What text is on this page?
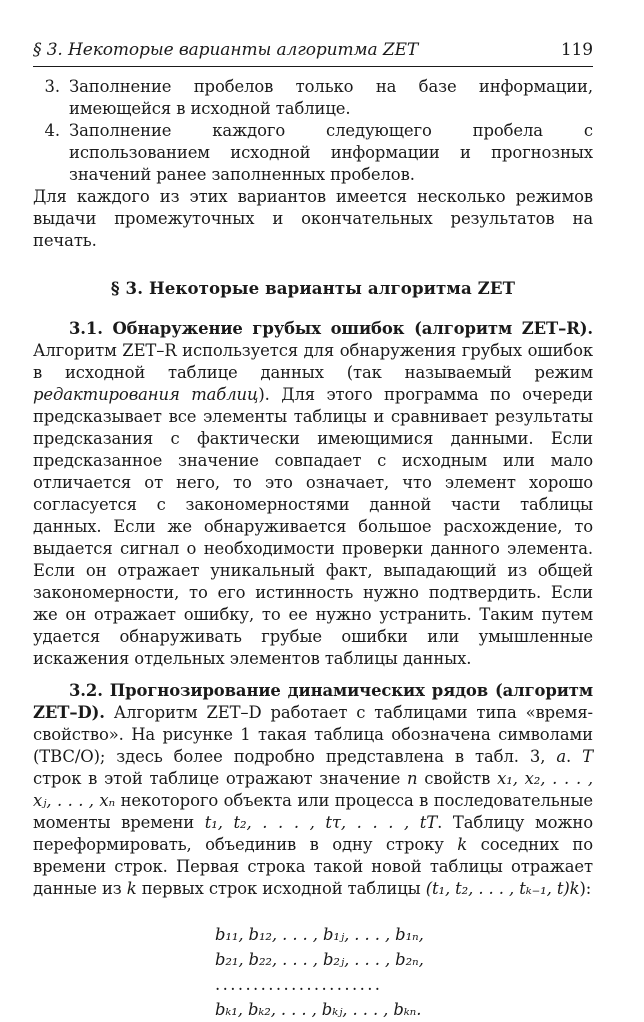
§ 3. Некоторые варианты алгоритма ZET	119
3. Заполнение пробелов только на базе информации, имеющейся в исходной таблице.
4. Заполнение каждого следующего пробела с использованием исходной информации и прогнозных значений ранее заполненных пробелов.

Для каждого из этих вариантов имеется несколько режимов выдачи промежуточных и окончательных результатов на печать.

§ 3. Некоторые варианты алгоритма ZET

3.1. Обнаружение грубых ошибок (алгоритм ZET–R). Алгоритм ZET–R используется для обнаружения грубых ошибок в исходной таблице данных (так называемый режим редактирования таблиц). Для этого программа по очереди предсказывает все элементы таблицы и сравнивает результаты предсказания с фактически имеющимися данными. Если предсказанное значение совпадает с исходным или мало отличается от него, то это означает, что элемент хорошо согласуется с закономерностями данной части таблицы данных. Если же обнаруживается большое расхождение, то выдается сигнал о необходимости проверки данного элемента. Если он отражает уникальный факт, выпадающий из общей закономерности, то его истинность нужно подтвердить. Если же он отражает ошибку, то ее нужно устранить. Таким путем удается обнаруживать грубые ошибки или умышленные искажения отдельных элементов таблицы данных.

3.2. Прогнозирование динамических рядов (алгоритм ZET–D). Алгоритм ZET–D работает с таблицами типа «время-свойство». На рисунке 1 такая таблица обозначена символами (TBC/O); здесь более подробно представлена в табл. 3, а. T строк в этой таблице отражают значение n свойств x₁, x₂, . . . , xⱼ, . . . , xₙ некоторого объекта или процесса в последовательные моменты времени t₁, t₂, . . . , tτ, . . . , tT. Таблицу можно переформировать, объединив в одну строку k соседних по времени строк. Первая строка такой новой таблицы отражает данные из k первых строк исходной таблицы (t₁, t₂, . . . , tₖ₋₁, t)k):

b₁₁, b₁₂, . . . , b₁ⱼ, . . . , b₁ₙ,
b₂₁, b₂₂, . . . , b₂ⱼ, . . . , b₂ₙ,
......................
bₖ₁, bₖ₂, . . . , bₖⱼ, . . . , bₖₙ.
